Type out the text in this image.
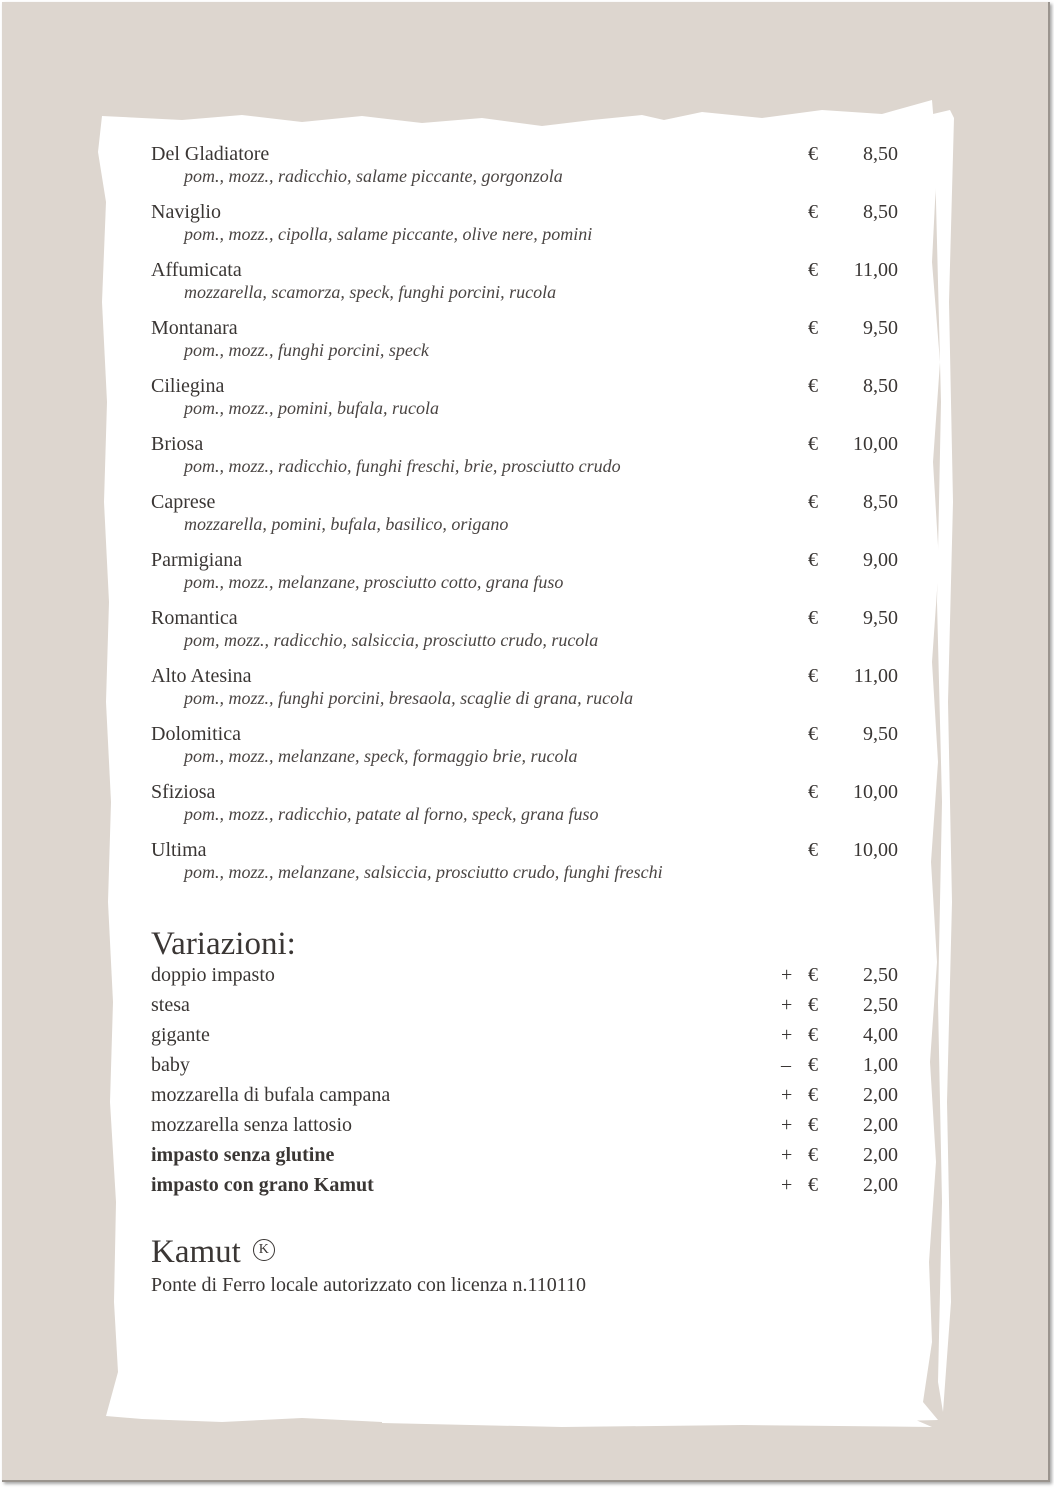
Del Gladiatore
pom., mozz., radicchio, salame piccante, gorgonzola
€ 8,50
Naviglio
pom., mozz., cipolla, salame piccante, olive nere, pomini
€ 8,50
Affumicata
mozzarella, scamorza, speck, funghi porcini, rucola
€ 11,00
Montanara
pom., mozz., funghi porcini, speck
€ 9,50
Ciliegina
pom., mozz., pomini, bufala, rucola
€ 8,50
Briosa
pom., mozz., radicchio, funghi freschi, brie, prosciutto crudo
€ 10,00
Caprese
mozzarella, pomini, bufala, basilico, origano
€ 8,50
Parmigiana
pom., mozz., melanzane, prosciutto cotto, grana fuso
€ 9,00
Romantica
pom, mozz., radicchio, salsiccia, prosciutto crudo, rucola
€ 9,50
Alto Atesina
pom., mozz., funghi porcini, bresaola, scaglie di grana, rucola
€ 11,00
Dolomitica
pom., mozz., melanzane, speck, formaggio brie, rucola
€ 9,50
Sfiziosa
pom., mozz., radicchio, patate al forno, speck, grana fuso
€ 10,00
Ultima
pom., mozz., melanzane, salsiccia, prosciutto crudo, funghi freschi
€ 10,00
Variazioni:
doppio impasto	+ € 2,50
stesa	+ € 2,50
gigante	+ € 4,00
baby	– € 1,00
mozzarella di bufala campana	+ € 2,00
mozzarella senza lattosio	+ € 2,00
impasto senza glutine	+ € 2,00
impasto con grano Kamut	+ € 2,00
Kamut K
Ponte di Ferro locale autorizzato con licenza n.110110
